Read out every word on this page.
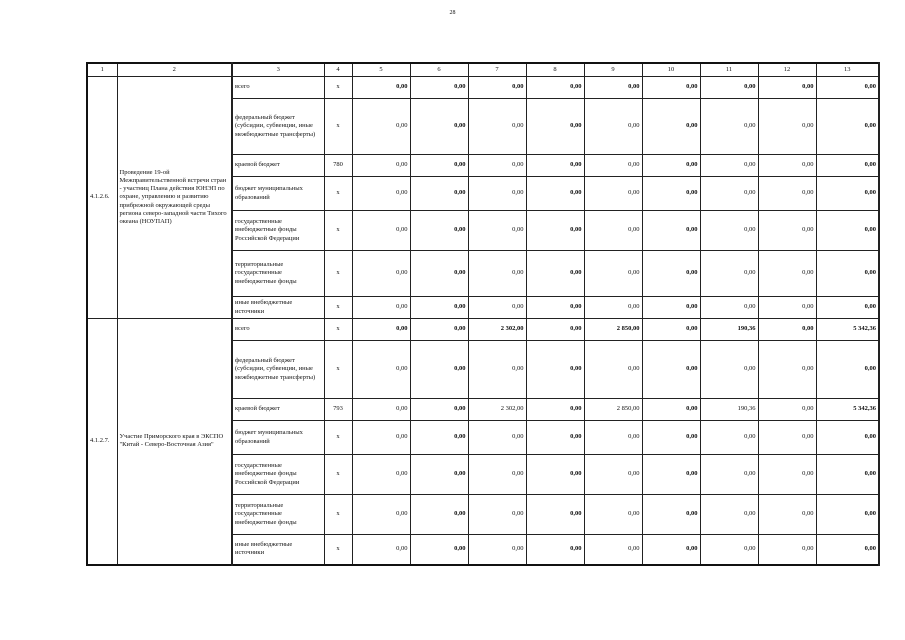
28
1	2	3	4	5	6	7	8	9	10	11	12	13
4.1.2.6.	Проведение 19-ой Межправительственной встречи стран - участниц Плана действия ЮНЭП по охране, управлению и развитию прибрежной окружающей среды региона северо-западной части Тихого океана (НОУПАП)	всего	х	0,00	0,00	0,00	0,00	0,00	0,00	0,00	0,00	0,00
		федеральный бюджет (субсидии, субвенции, иные межбюджетные трансферты)	х	0,00	0,00	0,00	0,00	0,00	0,00	0,00	0,00	0,00
		краевой бюджет	780	0,00	0,00	0,00	0,00	0,00	0,00	0,00	0,00	0,00
		бюджет муниципальных образований	х	0,00	0,00	0,00	0,00	0,00	0,00	0,00	0,00	0,00
		государственные внебюджетные фонды Российской Федерации	х	0,00	0,00	0,00	0,00	0,00	0,00	0,00	0,00	0,00
		территориальные государственные внебюджетные фонды	х	0,00	0,00	0,00	0,00	0,00	0,00	0,00	0,00	0,00
		иные внебюджетные источники	х	0,00	0,00	0,00	0,00	0,00	0,00	0,00	0,00	0,00
4.1.2.7.	Участие Приморского края в ЭКСПО "Китай - Северо-Восточная Азия"	всего	х	0,00	0,00	2 302,00	0,00	2 850,00	0,00	190,36	0,00	5 342,36
		федеральный бюджет (субсидии, субвенции, иные межбюджетные трансферты)	х	0,00	0,00	0,00	0,00	0,00	0,00	0,00	0,00	0,00
		краевой бюджет	793	0,00	0,00	2 302,00	0,00	2 850,00	0,00	190,36	0,00	5 342,36
		бюджет муниципальных образований	х	0,00	0,00	0,00	0,00	0,00	0,00	0,00	0,00	0,00
		государственные внебюджетные фонды Российской Федерации	х	0,00	0,00	0,00	0,00	0,00	0,00	0,00	0,00	0,00
		территориальные государственные внебюджетные фонды	х	0,00	0,00	0,00	0,00	0,00	0,00	0,00	0,00	0,00
		иные внебюджетные источники	х	0,00	0,00	0,00	0,00	0,00	0,00	0,00	0,00	0,00
